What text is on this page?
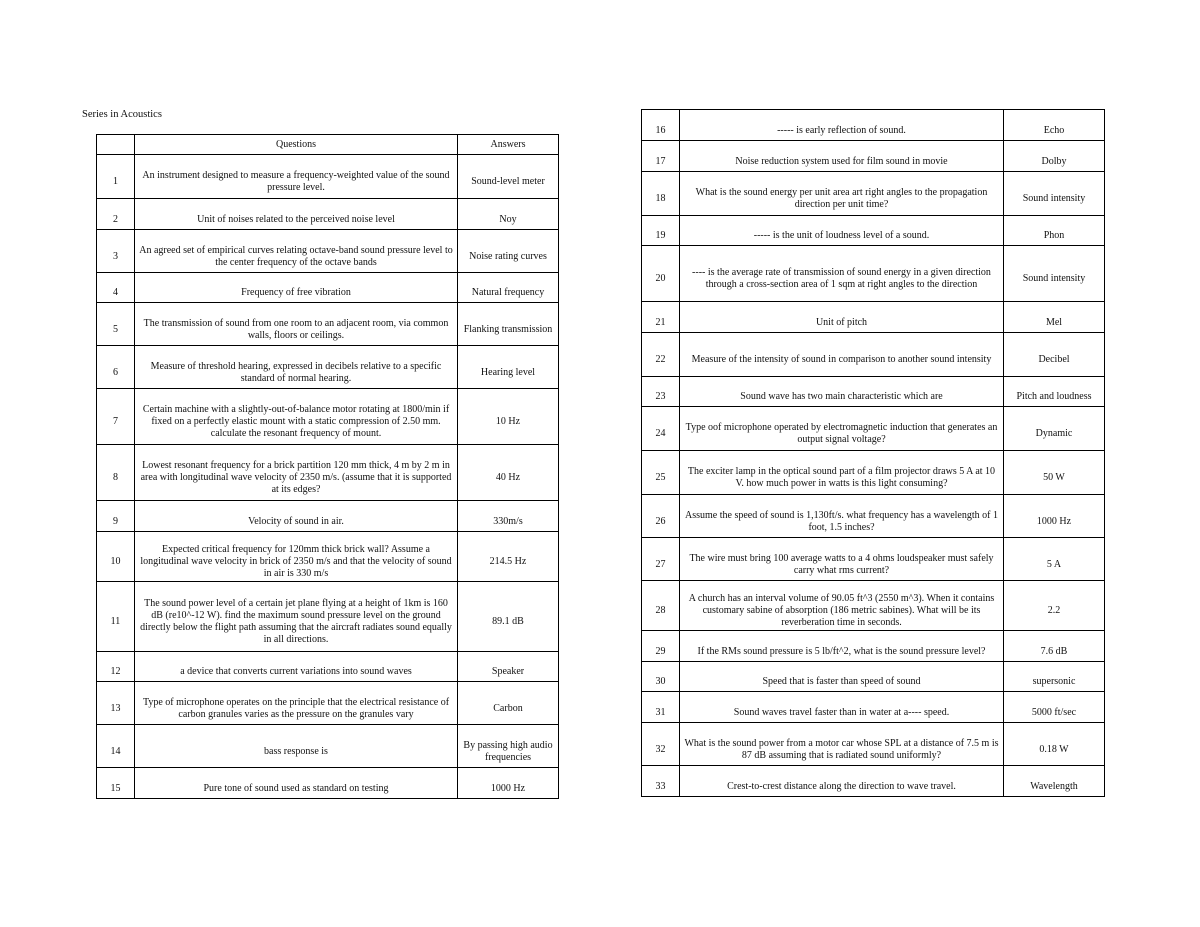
Series in Acoustics
	Questions	Answers
1	An instrument designed to measure a frequency-weighted value of the sound pressure level.	Sound-level meter
2	Unit of noises related to the perceived noise level	Noy
3	An agreed set of empirical curves relating octave-band sound pressure level to the center frequency of the octave bands	Noise rating curves
4	Frequency of free vibration	Natural frequency
5	The transmission of sound from one room to an adjacent room, via common walls, floors or ceilings.	Flanking transmission
6	Measure of threshold hearing, expressed in decibels relative to a specific standard of normal hearing.	Hearing level
7	Certain machine with a slightly-out-of-balance motor rotating at 1800/min if fixed on a perfectly elastic mount with a static compression of 2.50 mm. calculate the resonant frequency of mount.	10 Hz
8	Lowest resonant frequency for a brick partition 120 mm thick, 4 m by 2 m in area with longitudinal wave velocity of 2350 m/s. (assume that it is supported at its edges?	40 Hz
9	Velocity of sound in air.	330m/s
10	Expected critical frequency for 120mm thick brick wall? Assume a longitudinal wave velocity in brick of 2350 m/s and that the velocity of sound in air is 330 m/s	214.5 Hz
11	The sound power level of a certain jet plane flying at a height of 1km is 160 dB (re10^-12 W). find the maximum sound pressure level on the ground directly below the flight path assuming that the aircraft radiates sound equally in all directions.	89.1 dB
12	a device that converts current variations into sound waves	Speaker
13	Type of microphone operates on the principle that the electrical resistance of carbon granules varies as the pressure on the granules vary	Carbon
14	bass response is	By passing high audio frequencies
15	Pure tone of sound used as standard on testing	1000 Hz
16	----- is early reflection of sound.	Echo
17	Noise reduction system used for film sound in movie	Dolby
18	What is the sound energy per unit area art right angles to the propagation direction per unit time?	Sound intensity
19	----- is the unit of loudness level of a sound.	Phon
20	---- is the average rate of transmission of sound energy in a given direction through a cross-section area of 1 sqm at right angles to the direction	Sound intensity
21	Unit of pitch	Mel
22	Measure of the intensity of sound in comparison to another sound intensity	Decibel
23	Sound wave has two main characteristic which are	Pitch and loudness
24	Type oof microphone operated by electromagnetic induction that generates an output signal voltage?	Dynamic
25	The exciter lamp in the optical sound part of a film projector draws 5 A at 10 V. how much power in watts is this light consuming?	50 W
26	Assume the speed of sound is 1,130ft/s. what frequency has a wavelength of 1 foot, 1.5 inches?	1000 Hz
27	The wire must bring 100 average watts to a 4 ohms loudspeaker must safely carry what rms current?	5 A
28	A church has an interval volume of 90.05 ft^3 (2550 m^3). When it contains customary sabine of absorption (186 metric sabines). What will be its reverberation time in seconds.	2.2
29	If the RMs sound pressure is 5 lb/ft^2, what is the sound pressure level?	7.6 dB
30	Speed that is faster than speed of sound	supersonic
31	Sound waves travel faster than in water at a---- speed.	5000 ft/sec
32	What is the sound power from a motor car whose SPL at a distance of 7.5 m is 87 dB assuming that is radiated sound uniformly?	0.18 W
33	Crest-to-crest distance along the direction to wave travel.	Wavelength
